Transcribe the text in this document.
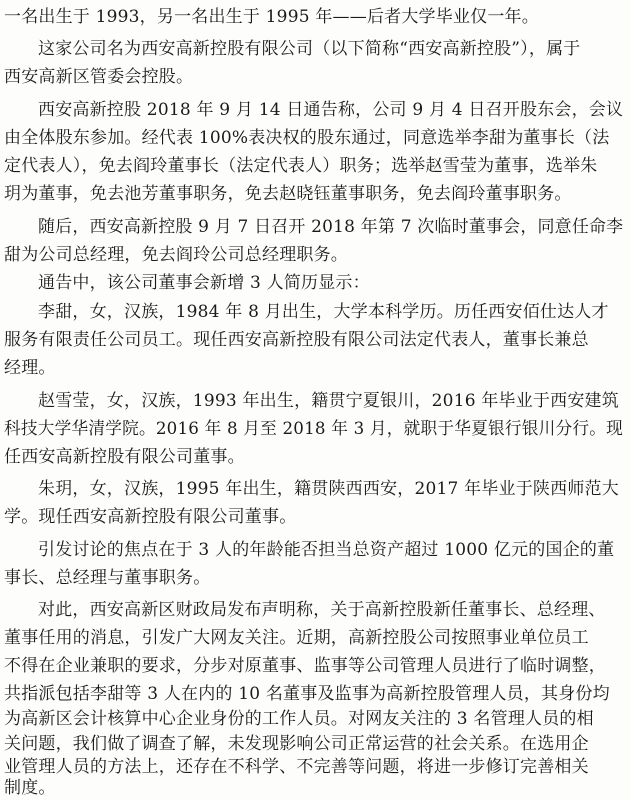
一名出生于 1993，另一名出生于 1995 年——后者大学毕业仅一年。
这家公司名为西安高新控股有限公司（以下简称“西安高新控股”），属于
西安高新区管委会控股。
西安高新控股 2018 年 9 月 14 日通告称，公司 9 月 4 日召开股东会，会议
由全体股东参加。经代表 100%表决权的股东通过，同意选举李甜为董事长（法
定代表人），免去阎玲董事长（法定代表人）职务；选举赵雪莹为董事，选举朱
玥为董事，免去池芳董事职务，免去赵晓钰董事职务，免去阎玲董事职务。
随后，西安高新控股 9 月 7 日召开 2018 年第 7 次临时董事会，同意任命李
甜为公司总经理，免去阎玲公司总经理职务。
通告中，该公司董事会新增 3 人简历显示：
李甜，女，汉族，1984 年 8 月出生，大学本科学历。历任西安佰仕达人才
服务有限责任公司员工。现任西安高新控股有限公司法定代表人，董事长兼总
经理。
赵雪莹，女，汉族，1993 年出生，籍贯宁夏银川，2016 年毕业于西安建筑
科技大学华清学院。2016 年 8 月至 2018 年 3 月，就职于华夏银行银川分行。现
任西安高新控股有限公司董事。
朱玥，女，汉族，1995 年出生，籍贯陕西西安，2017 年毕业于陕西师范大
学。现任西安高新控股有限公司董事。
引发讨论的焦点在于 3 人的年龄能否担当总资产超过 1000 亿元的国企的董
事长、总经理与董事职务。
对此，西安高新区财政局发布声明称，关于高新控股新任董事长、总经理、
董事任用的消息，引发广大网友关注。近期，高新控股公司按照事业单位员工
不得在企业兼职的要求，分步对原董事、监事等公司管理人员进行了临时调整，
共指派包括李甜等 3 人在内的 10 名董事及监事为高新控股管理人员，其身份均
为高新区会计核算中心企业身份的工作人员。对网友关注的 3 名管理人员的相
关问题，我们做了调查了解，未发现影响公司正常运营的社会关系。在选用企
业管理人员的方法上，还存在不科学、不完善等问题，将进一步修订完善相关
制度。
